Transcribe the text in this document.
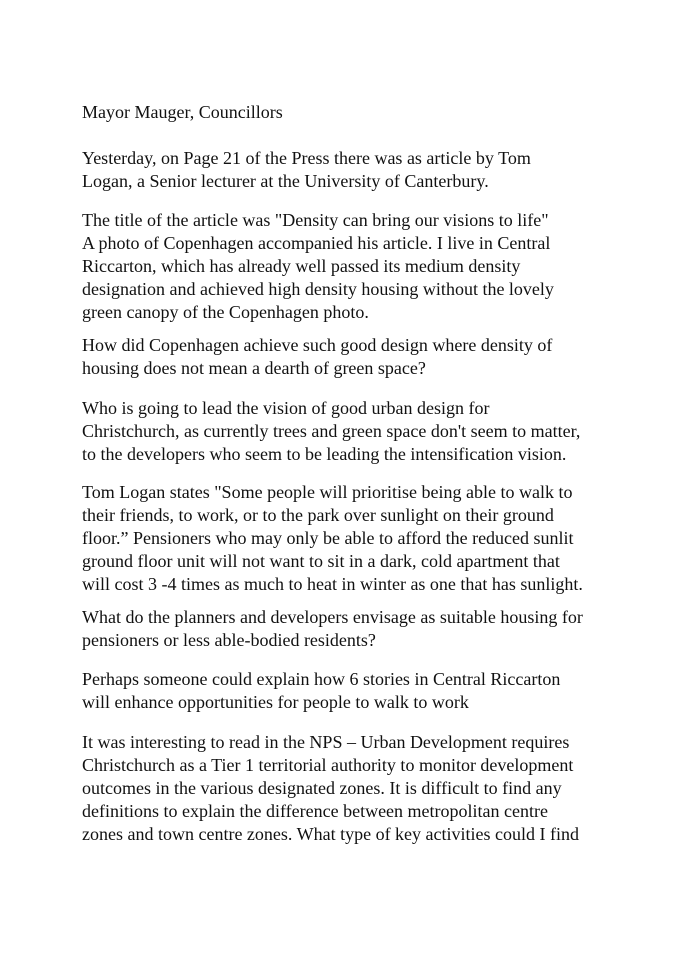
Mayor Mauger, Councillors
Yesterday, on Page 21 of the Press there was as article by Tom
Logan, a Senior lecturer at the University of Canterbury.
The title of the article was "Density can bring our visions to life"
A photo of Copenhagen accompanied his article. I live in Central
Riccarton, which has already well passed its medium density
designation and achieved high density housing without the lovely
green canopy of the Copenhagen photo.
How did Copenhagen achieve such good design where density of
housing does not mean a dearth of green space?
Who is going to lead the vision of good urban design for
Christchurch, as currently trees and green space don't seem to matter,
to the developers who seem to be leading the intensification vision.
Tom Logan states "Some people will prioritise being able to walk to
their friends, to work, or to the park over sunlight on their ground
floor.” Pensioners who may only be able to afford the reduced sunlit
ground floor unit will not want to sit in a dark, cold apartment that
will cost 3 -4 times as much to heat in winter as one that has sunlight.
What do the planners and developers envisage as suitable housing for
pensioners or less able-bodied residents?
Perhaps someone could explain how 6 stories in Central Riccarton
will enhance opportunities for people to walk to work
It was interesting to read in the NPS – Urban Development requires
Christchurch as a Tier 1 territorial authority to monitor development
outcomes in the various designated zones. It is difficult to find any
definitions to explain the difference between metropolitan centre
zones and town centre zones. What type of key activities could I find
